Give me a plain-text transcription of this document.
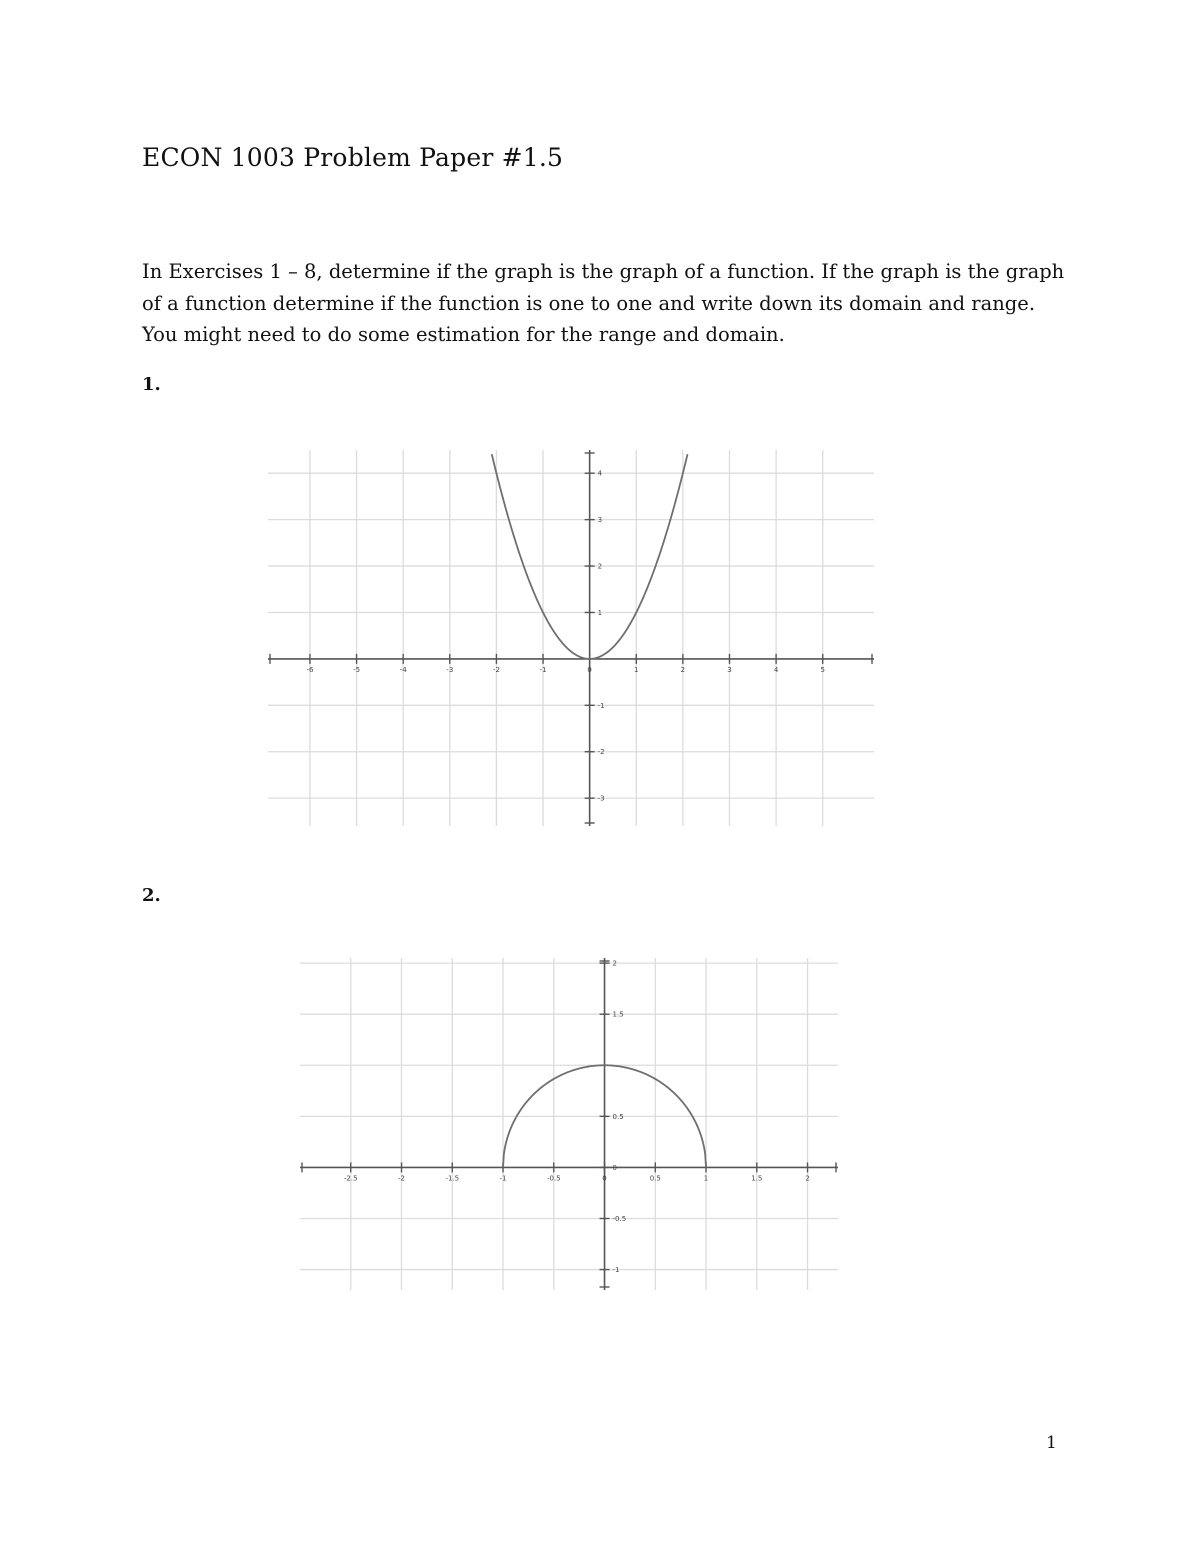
ECON 1003 Problem Paper #1.5

In Exercises 1 – 8, determine if the graph is the graph of a function. If the graph is the graph
of a function determine if the function is one to one and write down its domain and range.
You might need to do some estimation for the range and domain.

1.

-6	-5	-4	-3	-2	-1	0	1	2	3	4	5
-3
-2
-1
1
2
3
4

2.

-2.5	-2	-1.5	-1	-0.5	0	0.5	1	1.5	2
-1
-0.5
0
0.5
1.5
2

1
